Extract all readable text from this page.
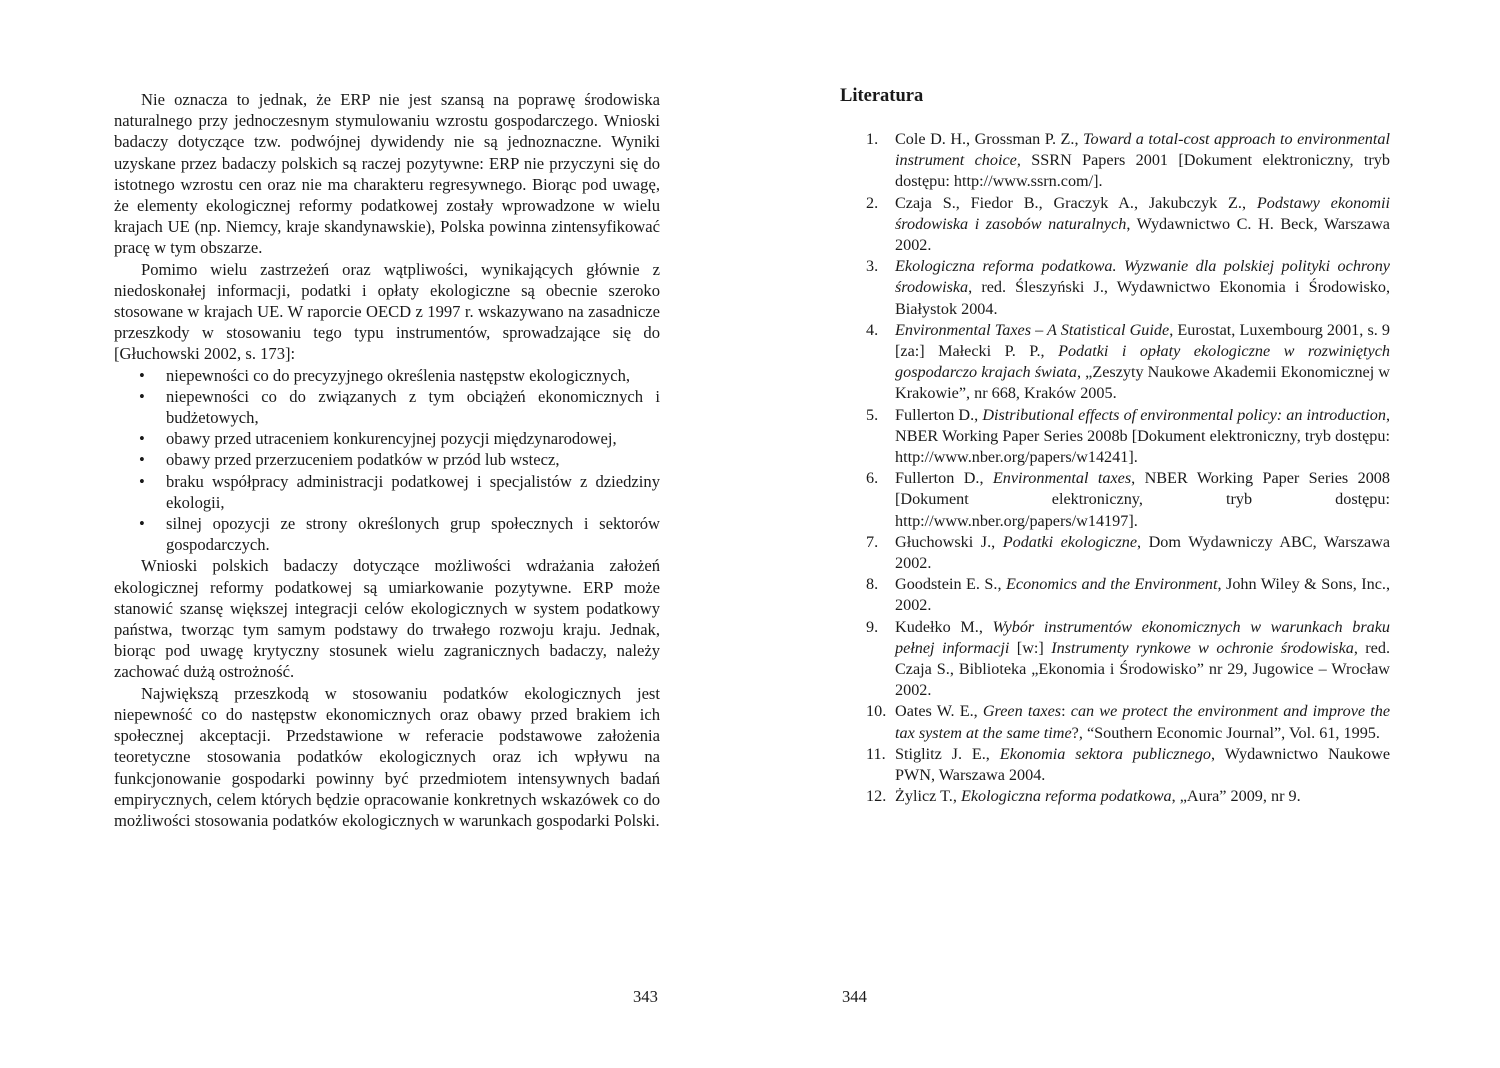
Nie oznacza to jednak, że ERP nie jest szansą na poprawę środowiska naturalnego przy jednoczesnym stymulowaniu wzrostu gospodarczego. Wnioski badaczy dotyczące tzw. podwójnej dywidendy nie są jednoznaczne. Wyniki uzyskane przez badaczy polskich są raczej pozytywne: ERP nie przyczyni się do istotnego wzrostu cen oraz nie ma charakteru regresywnego. Biorąc pod uwagę, że elementy ekologicznej reformy podatkowej zostały wprowadzone w wielu krajach UE (np. Niemcy, kraje skandynawskie), Polska powinna zintensyfikować pracę w tym obszarze.

Pomimo wielu zastrzeżeń oraz wątpliwości, wynikających głównie z niedoskonałej informacji, podatki i opłaty ekologiczne są obecnie szeroko stosowane w krajach UE. W raporcie OECD z 1997 r. wskazywano na zasadnicze przeszkody w stosowaniu tego typu instrumentów, sprowadzające się do [Głuchowski 2002, s. 173]:

• niepewności co do precyzyjnego określenia następstw ekologicznych,
• niepewności co do związanych z tym obciążeń ekonomicznych i budżetowych,
• obawy przed utraceniem konkurencyjnej pozycji międzynarodowej,
• obawy przed przerzuceniem podatków w przód lub wstecz,
• braku współpracy administracji podatkowej i specjalistów z dziedziny ekologii,
• silnej opozycji ze strony określonych grup społecznych i sektorów gospodarczych.

Wnioski polskich badaczy dotyczące możliwości wdrażania założeń ekologicznej reformy podatkowej są umiarkowanie pozytywne. ERP może stanowić szansę większej integracji celów ekologicznych w system podatkowy państwa, tworząc tym samym podstawy do trwałego rozwoju kraju. Jednak, biorąc pod uwagę krytyczny stosunek wielu zagranicznych badaczy, należy zachować dużą ostrożność.

Największą przeszkodą w stosowaniu podatków ekologicznych jest niepewność co do następstw ekonomicznych oraz obawy przed brakiem ich społecznej akceptacji. Przedstawione w referacie podstawowe założenia teoretyczne stosowania podatków ekologicznych oraz ich wpływu na funkcjonowanie gospodarki powinny być przedmiotem intensywnych badań empirycznych, celem których będzie opracowanie konkretnych wskazówek co do możliwości stosowania podatków ekologicznych w warunkach gospodarki Polski.

343
Literatura
1. Cole D. H., Grossman P. Z., Toward a total-cost approach to environmental instrument choice, SSRN Papers 2001 [Dokument elektroniczny, tryb dostępu: http://www.ssrn.com/].
2. Czaja S., Fiedor B., Graczyk A., Jakubczyk Z., Podstawy ekonomii środowiska i zasobów naturalnych, Wydawnictwo C. H. Beck, Warszawa 2002.
3. Ekologiczna reforma podatkowa. Wyzwanie dla polskiej polityki ochrony środowiska, red. Śleszyński J., Wydawnictwo Ekonomia i Środowisko, Białystok 2004.
4. Environmental Taxes – A Statistical Guide, Eurostat, Luxembourg 2001, s. 9 [za:] Małecki P. P., Podatki i opłaty ekologiczne w rozwiniętych gospodarczo krajach świata, „Zeszyty Naukowe Akademii Ekonomicznej w Krakowie”, nr 668, Kraków 2005.
5. Fullerton D., Distributional effects of environmental policy: an introduction, NBER Working Paper Series 2008b [Dokument elektroniczny, tryb dostępu: http://www.nber.org/papers/w14241].
6. Fullerton D., Environmental taxes, NBER Working Paper Series 2008 [Dokument elektroniczny, tryb dostępu: http://www.nber.org/papers/w14197].
7. Głuchowski J., Podatki ekologiczne, Dom Wydawniczy ABC, Warszawa 2002.
8. Goodstein E. S., Economics and the Environment, John Wiley & Sons, Inc., 2002.
9. Kudełko M., Wybór instrumentów ekonomicznych w warunkach braku pełnej informacji [w:] Instrumenty rynkowe w ochronie środowiska, red. Czaja S., Biblioteka „Ekonomia i Środowisko” nr 29, Jugowice – Wrocław 2002.
10. Oates W. E., Green taxes: can we protect the environment and improve the tax system at the same time?, “Southern Economic Journal”, Vol. 61, 1995.
11. Stiglitz J. E., Ekonomia sektora publicznego, Wydawnictwo Naukowe PWN, Warszawa 2004.
12. Żylicz T., Ekologiczna reforma podatkowa, „Aura” 2009, nr 9.
344
